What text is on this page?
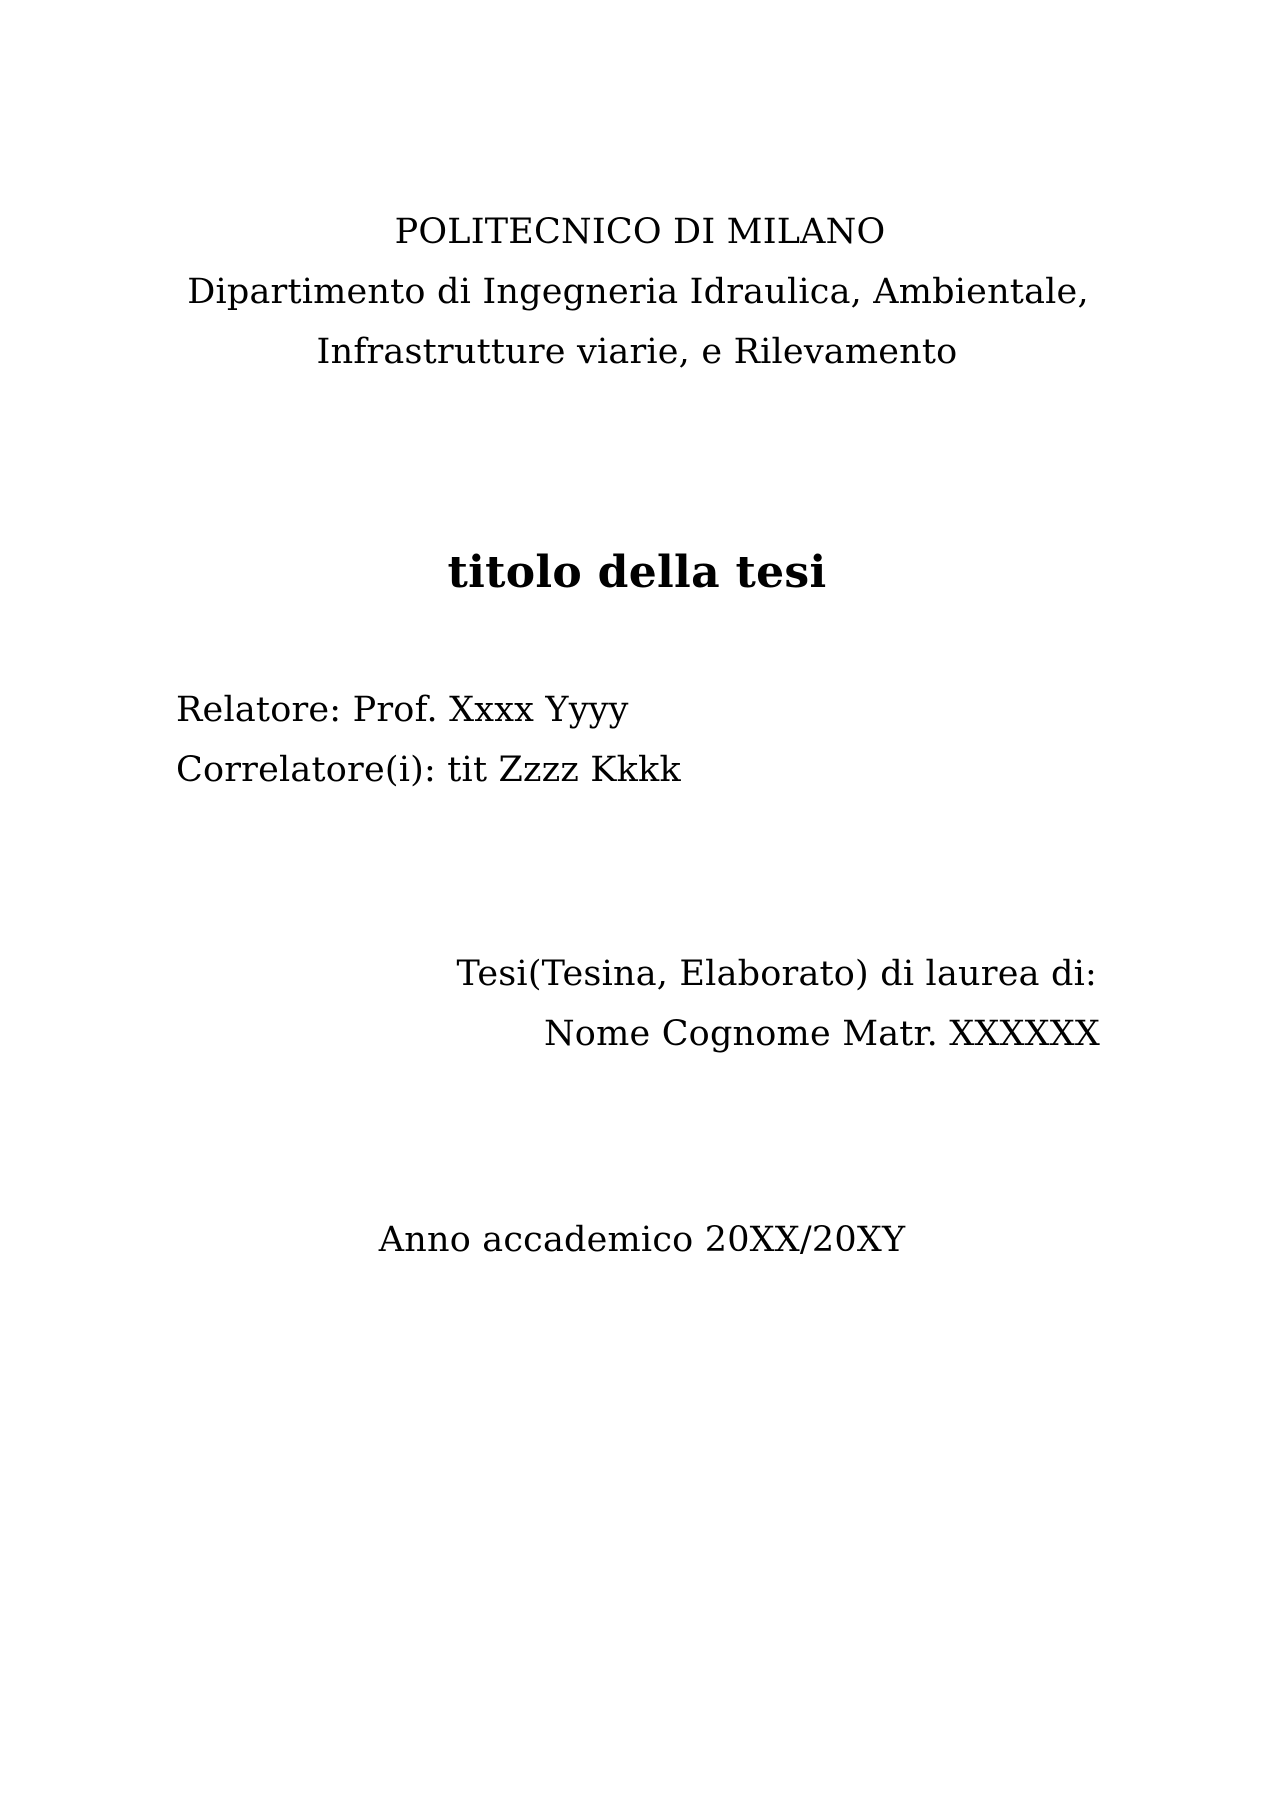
POLITECNICO DI MILANO
Dipartimento di Ingegneria Idraulica, Ambientale,
Infrastrutture viarie, e Rilevamento
titolo della tesi
Relatore: Prof. Xxxx Yyyy
Correlatore(i): tit Zzzz Kkkk
Tesi(Tesina, Elaborato) di laurea di:
Nome Cognome Matr. XXXXXX
Anno accademico 20XX/20XY
